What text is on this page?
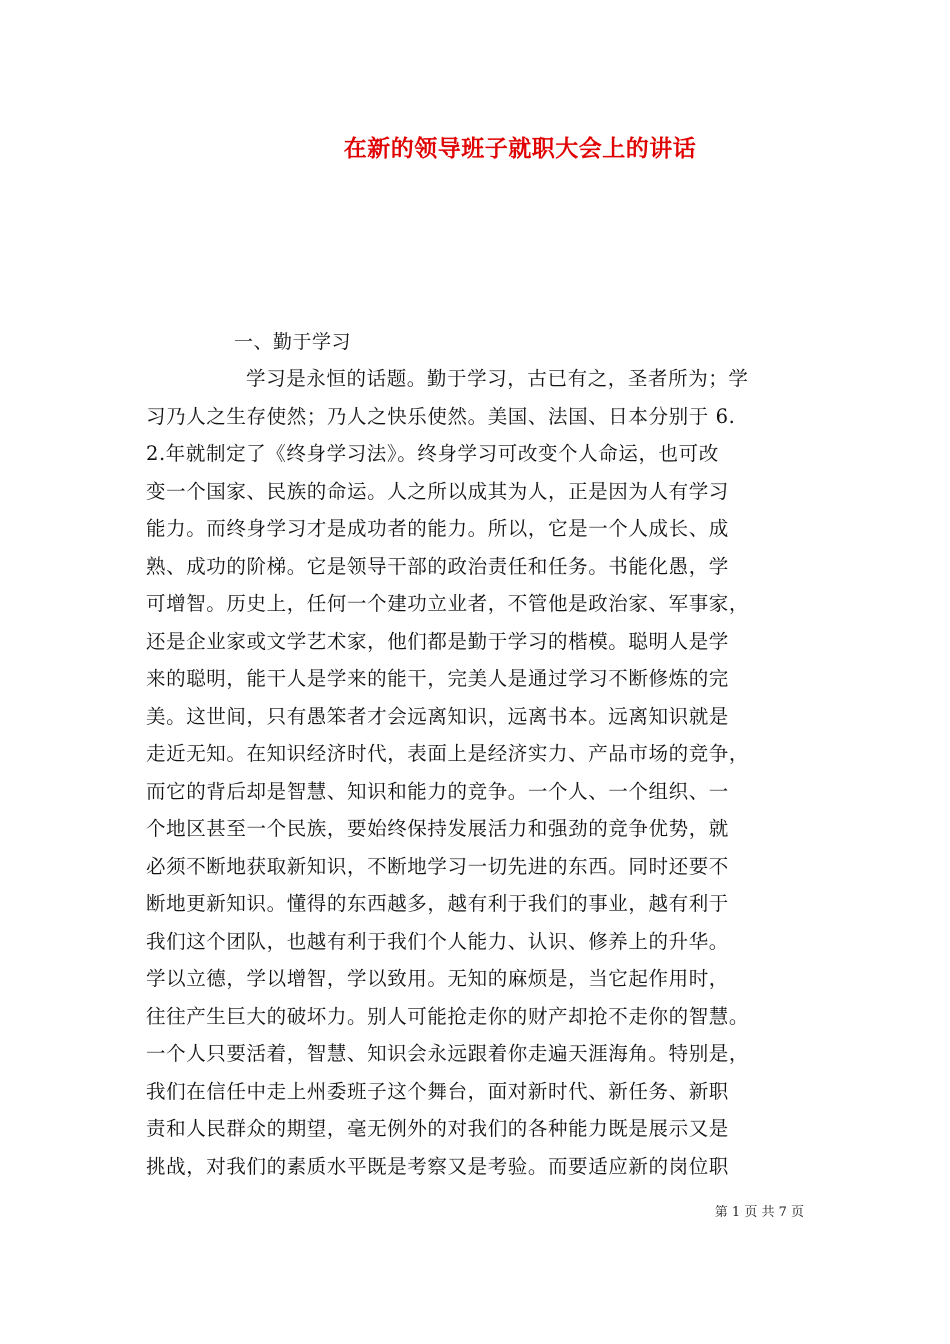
在新的领导班子就职大会上的讲话
一、勤于学习
学习是永恒的话题。勤于学习，古已有之，圣者所为；学
习乃人之生存使然；乃人之快乐使然。美国、法国、日本分别于 6.
2.年就制定了《终身学习法》。终身学习可改变个人命运，也可改
变一个国家、民族的命运。人之所以成其为人，正是因为人有学习
能力。而终身学习才是成功者的能力。所以，它是一个人成长、成
熟、成功的阶梯。它是领导干部的政治责任和任务。书能化愚，学
可增智。历史上，任何一个建功立业者，不管他是政治家、军事家，
还是企业家或文学艺术家，他们都是勤于学习的楷模。聪明人是学
来的聪明，能干人是学来的能干，完美人是通过学习不断修炼的完
美。这世间，只有愚笨者才会远离知识，远离书本。远离知识就是
走近无知。在知识经济时代，表面上是经济实力、产品市场的竞争，
而它的背后却是智慧、知识和能力的竞争。一个人、一个组织、一
个地区甚至一个民族，要始终保持发展活力和强劲的竞争优势，就
必须不断地获取新知识，不断地学习一切先进的东西。同时还要不
断地更新知识。懂得的东西越多，越有利于我们的事业，越有利于
我们这个团队，也越有利于我们个人能力、认识、修养上的升华。
学以立德，学以增智，学以致用。无知的麻烦是，当它起作用时，
往往产生巨大的破坏力。别人可能抢走你的财产却抢不走你的智慧。
一个人只要活着，智慧、知识会永远跟着你走遍天涯海角。特别是，
我们在信任中走上州委班子这个舞台，面对新时代、新任务、新职
责和人民群众的期望，毫无例外的对我们的各种能力既是展示又是
挑战，对我们的素质水平既是考察又是考验。而要适应新的岗位职
第 1 页 共 7 页
